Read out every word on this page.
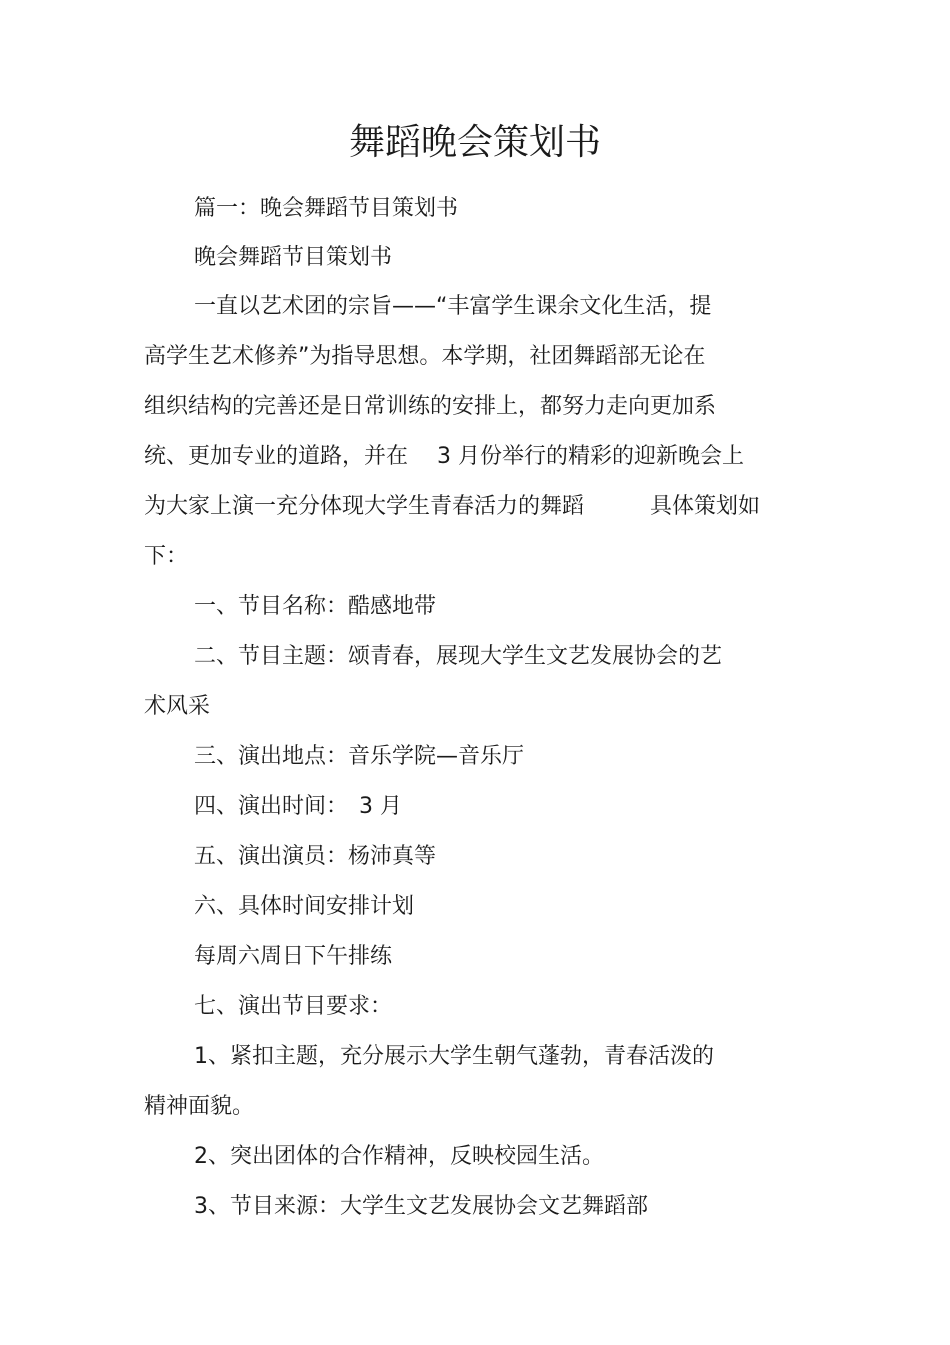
舞蹈晚会策划书

篇一：晚会舞蹈节目策划书

晚会舞蹈节目策划书

一直以艺术团的宗旨——“丰富学生课余文化生活，提

高学生艺术修养”为指导思想。本学期，社团舞蹈部无论在

组织结构的完善还是日常训练的安排上，都努力走向更加系

统、更加专业的道路，并在　 3 月份举行的精彩的迎新晚会上

为大家上演一充分体现大学生青春活力的舞蹈　　　具体策划如

下：

一、节目名称：酷感地带

二、节目主题：颂青春，展现大学生文艺发展协会的艺

术风采

三、演出地点：音乐学院—音乐厅

四、演出时间：　3 月

五、演出演员：杨沛真等

六、具体时间安排计划

每周六周日下午排练

七、演出节目要求：

1、紧扣主题，充分展示大学生朝气蓬勃，青春活泼的

精神面貌。

2、突出团体的合作精神，反映校园生活。

3、节目来源：大学生文艺发展协会文艺舞蹈部
